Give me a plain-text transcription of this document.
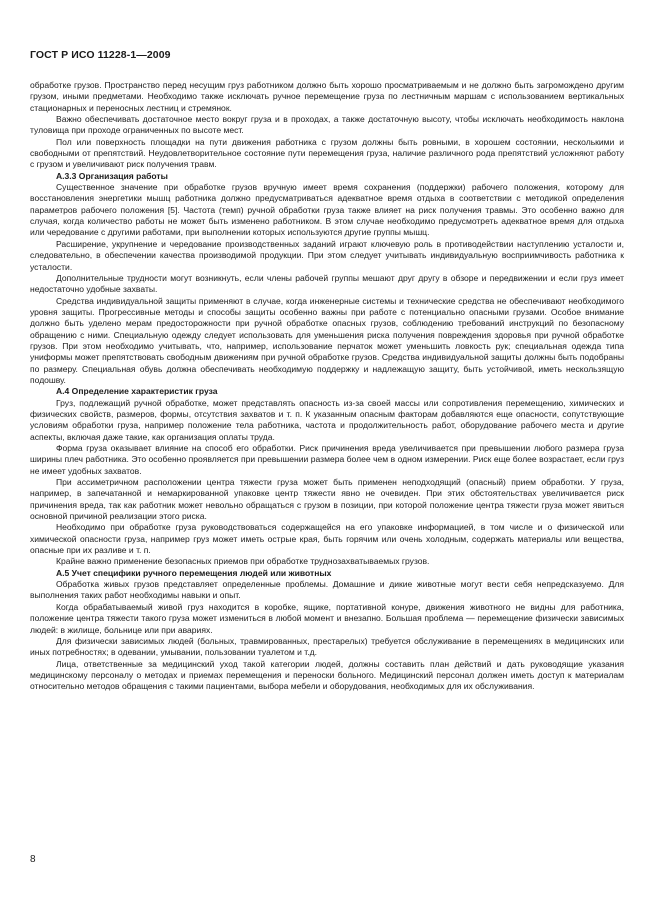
ГОСТ Р ИСО 11228-1—2009

обработке грузов. Пространство перед несущим груз работником должно быть хорошо просматриваемым и не должно быть загромождено другим грузом, иными предметами. Необходимо также исключать ручное перемещение груза по лестничным маршам с использованием вертикальных стационарных и переносных лестниц и стремянок.

Важно обеспечивать достаточное место вокруг груза и в проходах, а также достаточную высоту, чтобы исключать необходимость наклона туловища при проходе ограниченных по высоте мест.

Пол или поверхность площадки на пути движения работника с грузом должны быть ровными, в хорошем состоянии, несколькими и свободными от препятствий. Неудовлетворительное состояние пути перемещения груза, наличие различного рода препятствий усложняют работу с грузом и увеличивают риск получения травм.

А.3.3 Организация работы

Существенное значение при обработке грузов вручную имеет время сохранения (поддержки) рабочего положения, которому для восстановления энергетики мышц работника должно предусматриваться адекватное время отдыха в соответствии с методикой определения параметров рабочего положения [5]. Частота (темп) ручной обработки груза также влияет на риск получения травмы. Это особенно важно для случая, когда количество работы не может быть изменено работником. В этом случае необходимо предусмотреть адекватное время для отдыха или чередование с другими работами, при выполнении которых используются другие группы мышц.

Расширение, укрупнение и чередование производственных заданий играют ключевую роль в противодействии наступлению усталости и, следовательно, в обеспечении качества производимой продукции. При этом следует учитывать индивидуальную восприимчивость работника к усталости.

Дополнительные трудности могут возникнуть, если члены рабочей группы мешают друг другу в обзоре и передвижении и если груз имеет недостаточно удобные захваты.

Средства индивидуальной защиты применяют в случае, когда инженерные системы и технические средства не обеспечивают необходимого уровня защиты. Прогрессивные методы и способы защиты особенно важны при работе с потенциально опасными грузами. Особое внимание должно быть уделено мерам предосторожности при ручной обработке опасных грузов, соблюдению требований инструкций по безопасному обращению с ними. Специальную одежду следует использовать для уменьшения риска получения повреждения здоровья при ручной обработке грузов. При этом необходимо учитывать, что, например, использование перчаток может уменьшить ловкость рук; специальная одежда типа униформы может препятствовать свободным движениям при ручной обработке грузов. Средства индивидуальной защиты должны быть подобраны по размеру. Специальная обувь должна обеспечивать необходимую поддержку и надлежащую защиту, быть устойчивой, иметь нескользящую подошву.

А.4 Определение характеристик груза

Груз, подлежащий ручной обработке, может представлять опасность из-за своей массы или сопротивления перемещению, химических и физических свойств, размеров, формы, отсутствия захватов и т. п. К указанным опасным факторам добавляются еще опасности, сопутствующие условиям обработки груза, например положение тела работника, частота и продолжительность работ, оборудование рабочего места и другие аспекты, включая даже такие, как организация оплаты труда.

Форма груза оказывает влияние на способ его обработки. Риск причинения вреда увеличивается при превышении любого размера груза ширины плеч работника. Это особенно проявляется при превышении размера более чем в одном измерении. Риск еще более возрастает, если груз не имеет удобных захватов.

При ассиметричном расположении центра тяжести груза может быть применен неподходящий (опасный) прием обработки. У груза, например, в запечатанной и немаркированной упаковке центр тяжести явно не очевиден. При этих обстоятельствах увеличивается риск причинения вреда, так как работник может невольно обращаться с грузом в позиции, при которой положение центра тяжести груза может явиться основной причиной реализации этого риска.

Необходимо при обработке груза руководствоваться содержащейся на его упаковке информацией, в том числе и о физической или химической опасности груза, например груз может иметь острые края, быть горячим или очень холодным, содержать материалы или вещества, опасные при их разливе и т. п.

Крайне важно применение безопасных приемов при обработке труднозахватываемых грузов.

А.5 Учет специфики ручного перемещения людей или животных

Обработка живых грузов представляет определенные проблемы. Домашние и дикие животные могут вести себя непредсказуемо. Для выполнения таких работ необходимы навыки и опыт.

Когда обрабатываемый живой груз находится в коробке, ящике, портативной конуре, движения животного не видны для работника, положение центра тяжести такого груза может измениться в любой момент и внезапно. Большая проблема — перемещение физически зависимых людей: в жилище, больнице или при авариях.

Для физически зависимых людей (больных, травмированных, престарелых) требуется обслуживание в перемещениях в медицинских или иных потребностях; в одевании, умывании, пользовании туалетом и т.д.

Лица, ответственные за медицинский уход такой категории людей, должны составить план действий и дать руководящие указания медицинскому персоналу о методах и приемах перемещения и переноски больного. Медицинский персонал должен иметь доступ к материалам относительно методов обращения с такими пациентами, выбора мебели и оборудования, необходимых для их обслуживания.

8
